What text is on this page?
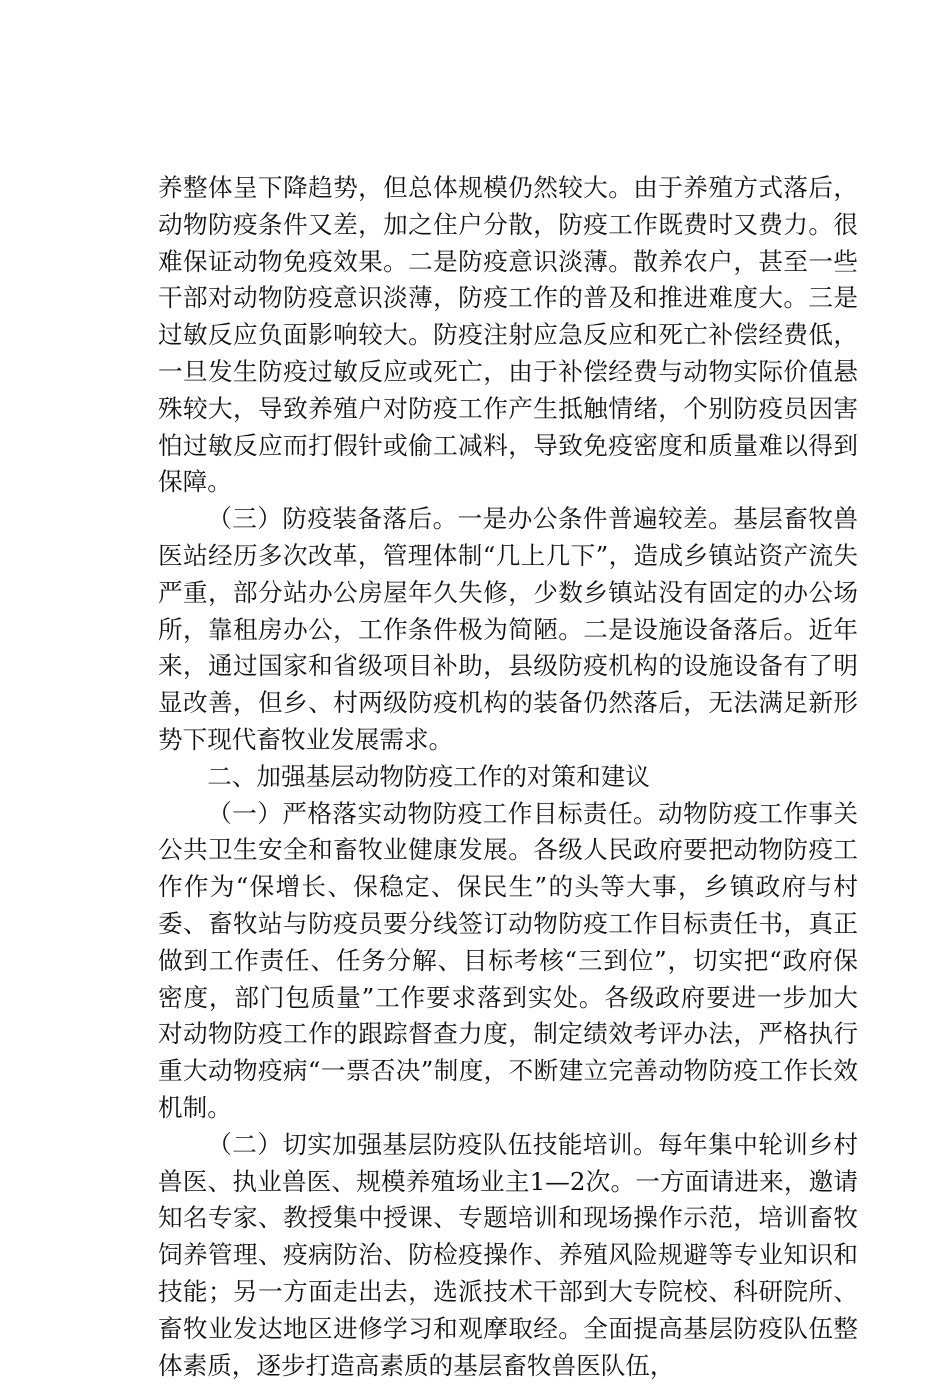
养整体呈下降趋势，但总体规模仍然较大。由于养殖方式落后，动物防疫条件又差，加之住户分散，防疫工作既费时又费力。很难保证动物免疫效果。二是防疫意识淡薄。散养农户，甚至一些干部对动物防疫意识淡薄，防疫工作的普及和推进难度大。三是过敏反应负面影响较大。防疫注射应急反应和死亡补偿经费低，一旦发生防疫过敏反应或死亡，由于补偿经费与动物实际价值悬殊较大，导致养殖户对防疫工作产生抵触情绪，个别防疫员因害怕过敏反应而打假针或偷工减料，导致免疫密度和质量难以得到保障。

（三）防疫装备落后。一是办公条件普遍较差。基层畜牧兽医站经历多次改革，管理体制“几上几下”，造成乡镇站资产流失严重，部分站办公房屋年久失修，少数乡镇站没有固定的办公场所，靠租房办公，工作条件极为简陋。二是设施设备落后。近年来，通过国家和省级项目补助，县级防疫机构的设施设备有了明显改善，但乡、村两级防疫机构的装备仍然落后，无法满足新形势下现代畜牧业发展需求。

二、加强基层动物防疫工作的对策和建议

（一）严格落实动物防疫工作目标责任。动物防疫工作事关公共卫生安全和畜牧业健康发展。各级人民政府要把动物防疫工作作为“保增长、保稳定、保民生”的头等大事，乡镇政府与村委、畜牧站与防疫员要分线签订动物防疫工作目标责任书，真正做到工作责任、任务分解、目标考核“三到位”，切实把“政府保密度，部门包质量”工作要求落到实处。各级政府要进一步加大对动物防疫工作的跟踪督查力度，制定绩效考评办法，严格执行重大动物疫病“一票否决”制度，不断建立完善动物防疫工作长效机制。

（二）切实加强基层防疫队伍技能培训。每年集中轮训乡村兽医、执业兽医、规模养殖场业主1—2次。一方面请进来，邀请知名专家、教授集中授课、专题培训和现场操作示范，培训畜牧饲养管理、疫病防治、防检疫操作、养殖风险规避等专业知识和技能；另一方面走出去，选派技术干部到大专院校、科研院所、畜牧业发达地区进修学习和观摩取经。全面提高基层防疫队伍整体素质，逐步打造高素质的基层畜牧兽医队伍，
